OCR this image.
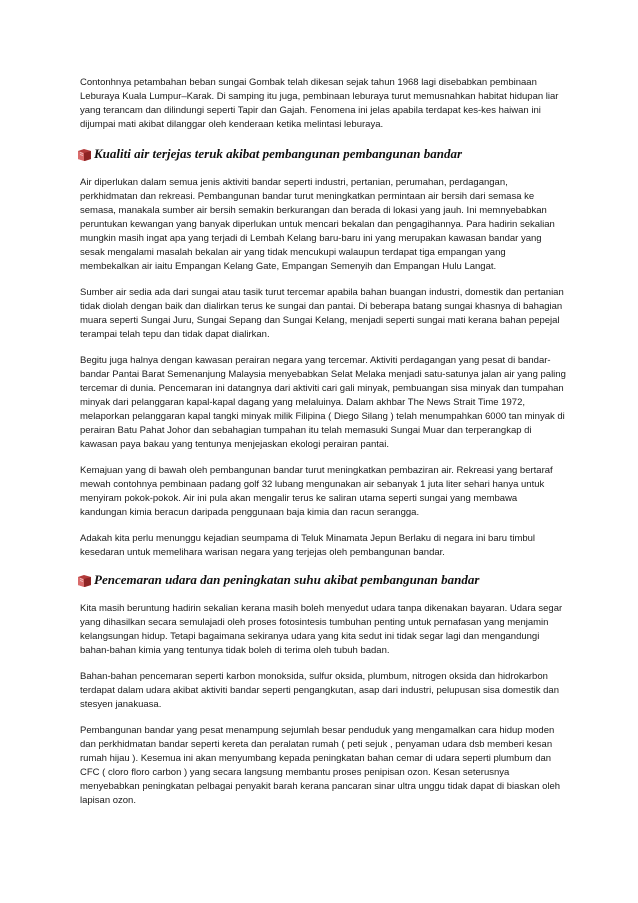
Contonhnya petambahan beban sungai Gombak telah dikesan sejak tahun 1968 lagi disebabkan pembinaan Leburaya Kuala Lumpur–Karak. Di samping itu juga, pembinaan leburaya turut memusnahkan habitat hidupan liar yang terancam dan dilindungi seperti Tapir dan Gajah. Fenomena ini jelas apabila terdapat kes-kes haiwan ini dijumpai mati akibat dilanggar oleh kenderaan ketika melintasi leburaya.

Kualiti air terjejas teruk akibat pembangunan pembangunan bandar

Air diperlukan dalam semua jenis aktiviti bandar seperti industri, pertanian, perumahan, perdagangan, perkhidmatan dan rekreasi. Pembangunan bandar turut meningkatkan permintaan air bersih dari semasa ke semasa, manakala sumber air bersih semakin berkurangan dan berada di lokasi yang jauh. Ini memnyebabkan peruntukan kewangan yang banyak diperlukan untuk mencari bekalan dan pengagihannya. Para hadirin sekalian mungkin masih ingat apa yang terjadi di Lembah Kelang baru-baru ini yang merupakan kawasan bandar yang sesak mengalami masalah bekalan air yang tidak mencukupi walaupun terdapat tiga empangan yang membekalkan air iaitu Empangan Kelang Gate, Empangan Semenyih dan Empangan Hulu Langat.

Sumber air sedia ada dari sungai atau tasik turut tercemar apabila bahan buangan industri, domestik dan pertanian tidak diolah dengan baik dan dialirkan terus ke sungai dan pantai. Di beberapa batang sungai khasnya di bahagian muara seperti Sungai Juru, Sungai Sepang dan Sungai Kelang, menjadi seperti sungai mati kerana bahan pepejal terampai telah tepu dan tidak dapat dialirkan.

Begitu juga halnya dengan kawasan perairan negara yang tercemar. Aktiviti perdagangan yang pesat di bandar-bandar Pantai Barat Semenanjung Malaysia menyebabkan Selat Melaka menjadi satu-satunya jalan air yang paling tercemar di dunia. Pencemaran ini datangnya dari aktiviti cari gali minyak, pembuangan sisa minyak dan tumpahan minyak dari pelanggaran kapal-kapal dagang yang melaluinya. Dalam akhbar The News Strait Time 1972, melaporkan pelanggaran kapal tangki minyak milik Filipina ( Diego Silang ) telah menumpahkan 6000 tan minyak di perairan Batu Pahat Johor dan sebahagian tumpahan itu telah memasuki Sungai Muar dan terperangkap di kawasan paya bakau yang tentunya menjejaskan ekologi perairan pantai.

Kemajuan yang di bawah oleh pembangunan bandar turut meningkatkan pembaziran air. Rekreasi yang bertaraf mewah contohnya pembinaan padang golf 32 lubang mengunakan air sebanyak 1 juta liter sehari hanya untuk menyiram pokok-pokok. Air ini pula akan mengalir terus ke saliran utama seperti sungai yang membawa kandungan kimia beracun daripada penggunaan baja kimia dan racun serangga.

Adakah kita perlu menunggu kejadian seumpama di Teluk Minamata Jepun Berlaku di negara ini baru timbul kesedaran untuk memelihara warisan negara yang terjejas oleh pembangunan bandar.

Pencemaran udara dan peningkatan suhu akibat pembangunan bandar

Kita masih beruntung hadirin sekalian kerana masih boleh menyedut udara tanpa dikenakan bayaran. Udara segar yang dihasilkan secara semulajadi oleh proses fotosintesis tumbuhan penting untuk pernafasan yang menjamin kelangsungan hidup. Tetapi bagaimana sekiranya udara yang kita sedut ini tidak segar lagi dan mengandungi bahan-bahan kimia yang tentunya tidak boleh di terima oleh tubuh badan.

Bahan-bahan pencemaran seperti karbon monoksida, sulfur oksida, plumbum, nitrogen oksida dan hidrokarbon terdapat dalam udara akibat aktiviti bandar seperti pengangkutan, asap dari industri, pelupusan sisa domestik dan stesyen janakuasa.

Pembangunan bandar yang pesat menampung sejumlah besar penduduk yang mengamalkan cara hidup moden dan perkhidmatan bandar seperti kereta dan peralatan rumah ( peti sejuk , penyaman udara dsb memberi kesan rumah hijau ). Kesemua ini akan menyumbang kepada peningkatan bahan cemar di udara seperti plumbum dan CFC ( cloro floro carbon ) yang secara langsung membantu proses penipisan ozon. Kesan seterusnya menyebabkan peningkatan pelbagai penyakit barah kerana pancaran sinar ultra unggu tidak dapat di biaskan oleh lapisan ozon.
